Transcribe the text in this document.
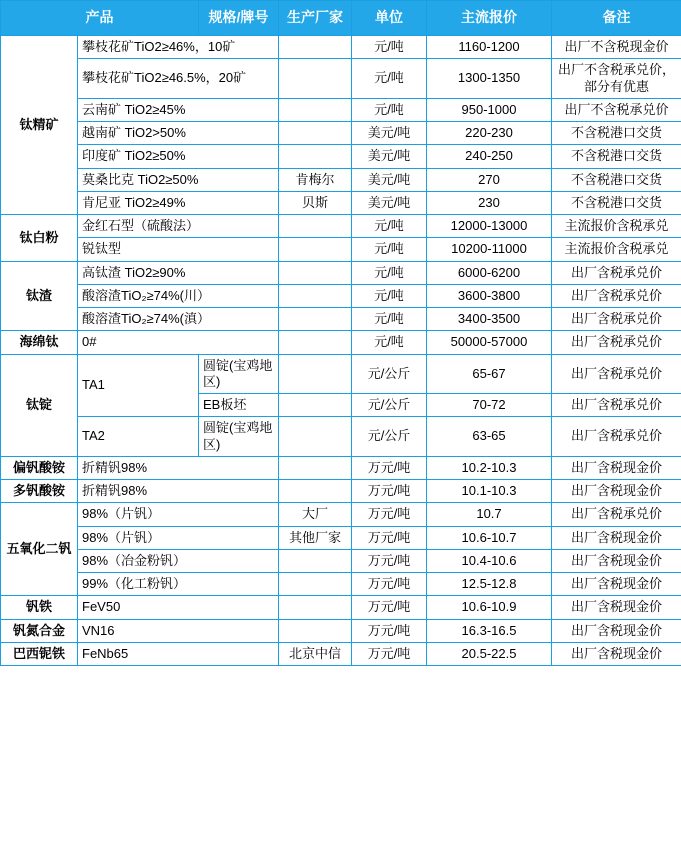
产品		规格/牌号	生产厂家	单位	主流报价	备注
钛精矿	攀枝花矿TiO2≥46%，10矿			元/吨	1160-1200	出厂不含税现金价
	攀枝花矿TiO2≥46.5%，20矿			元/吨	1300-1350	出厂不含税承兑价，部分有优惠
	云南矿 TiO2≥45%			元/吨	950-1000	出厂不含税承兑价
	越南矿 TiO2>50%			美元/吨	220-230	不含税港口交货
	印度矿 TiO2≥50%			美元/吨	240-250	不含税港口交货
	莫桑比克 TiO2≥50%		肯梅尔	美元/吨	270	不含税港口交货
	肯尼亚 TiO2≥49%		贝斯	美元/吨	230	不含税港口交货
钛白粉	金红石型（硫酸法）			元/吨	12000-13000	主流报价含税承兑
	锐钛型			元/吨	10200-11000	主流报价含税承兑
钛渣	高钛渣 TiO2≥90%			元/吨	6000-6200	出厂含税承兑价
	酸溶渣TiO₂≥74%(川）			元/吨	3600-3800	出厂含税承兑价
	酸溶渣TiO₂≥74%(滇）			元/吨	3400-3500	出厂含税承兑价
海绵钛	0#			元/吨	50000-57000	出厂含税承兑价
钛锭	TA1	圆锭(宝鸡地区)		元/公斤	65-67	出厂含税承兑价
		EB板坯		元/公斤	70-72	出厂含税承兑价
	TA2	圆锭(宝鸡地区)		元/公斤	63-65	出厂含税承兑价
偏钒酸铵	折精钒98%			万元/吨	10.2-10.3	出厂含税现金价
多钒酸铵	折精钒98%			万元/吨	10.1-10.3	出厂含税现金价
五氧化二钒	98%（片钒）		大厂	万元/吨	10.7	出厂含税承兑价
	98%（片钒）		其他厂家	万元/吨	10.6-10.7	出厂含税现金价
	98%（冶金粉钒）			万元/吨	10.4-10.6	出厂含税现金价
	99%（化工粉钒）			万元/吨	12.5-12.8	出厂含税现金价
钒铁	FeV50			万元/吨	10.6-10.9	出厂含税现金价
钒氮合金	VN16			万元/吨	16.3-16.5	出厂含税现金价
巴西铌铁	FeNb65		北京中信	万元/吨	20.5-22.5	出厂含税现金价
